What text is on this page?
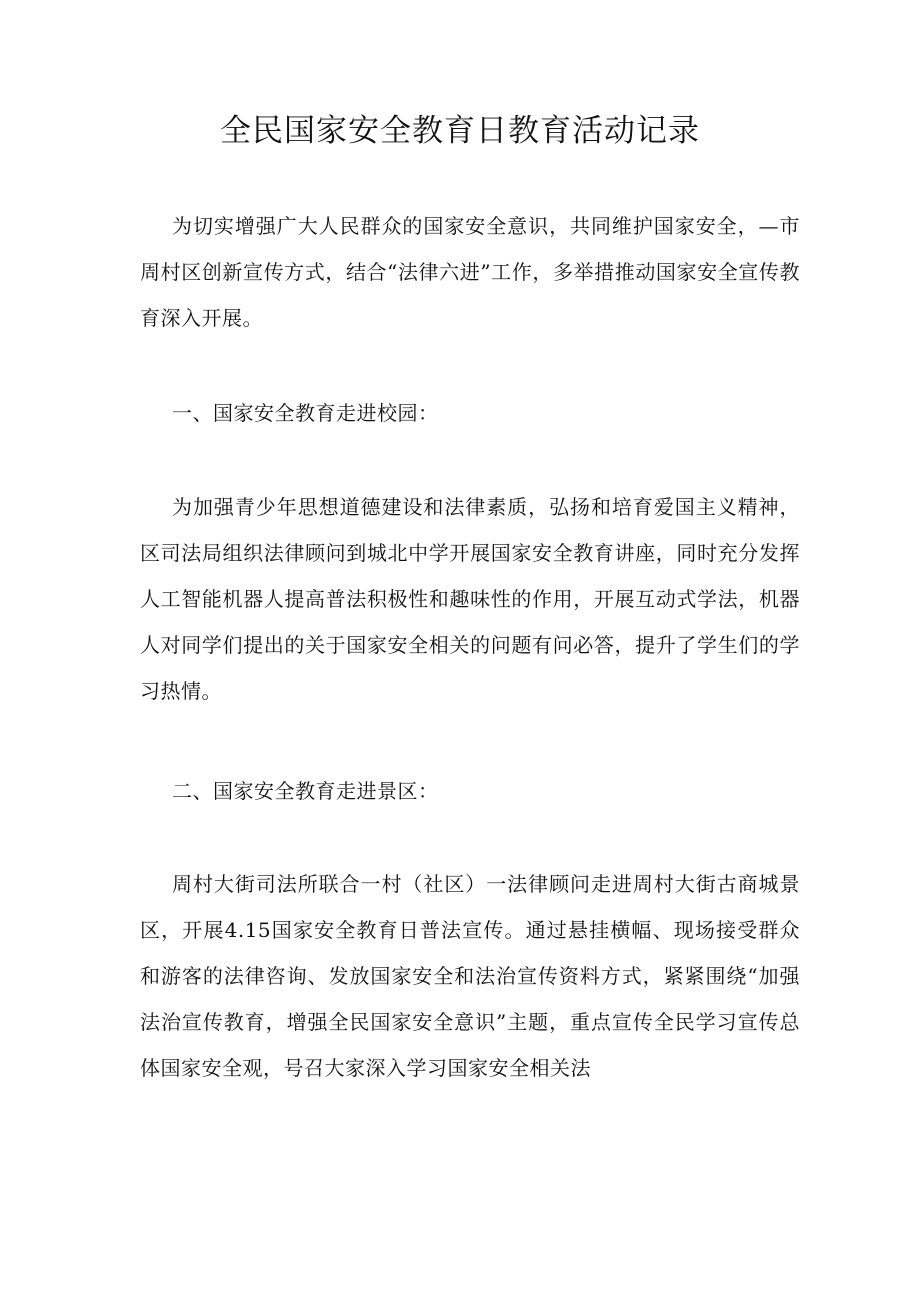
全民国家安全教育日教育活动记录

为切实增强广大人民群众的国家安全意识，共同维护国家安全，—市周村区创新宣传方式，结合“法律六进”工作，多举措推动国家安全宣传教育深入开展。

一、国家安全教育走进校园：

为加强青少年思想道德建设和法律素质，弘扬和培育爱国主义精神，区司法局组织法律顾问到城北中学开展国家安全教育讲座，同时充分发挥人工智能机器人提高普法积极性和趣味性的作用，开展互动式学法，机器人对同学们提出的关于国家安全相关的问题有问必答，提升了学生们的学习热情。

二、国家安全教育走进景区：

周村大街司法所联合一村（社区）一法律顾问走进周村大街古商城景区，开展4.15国家安全教育日普法宣传。通过悬挂横幅、现场接受群众和游客的法律咨询、发放国家安全和法治宣传资料方式，紧紧围绕“加强法治宣传教育，增强全民国家安全意识”主题，重点宣传全民学习宣传总体国家安全观，号召大家深入学习国家安全相关法
